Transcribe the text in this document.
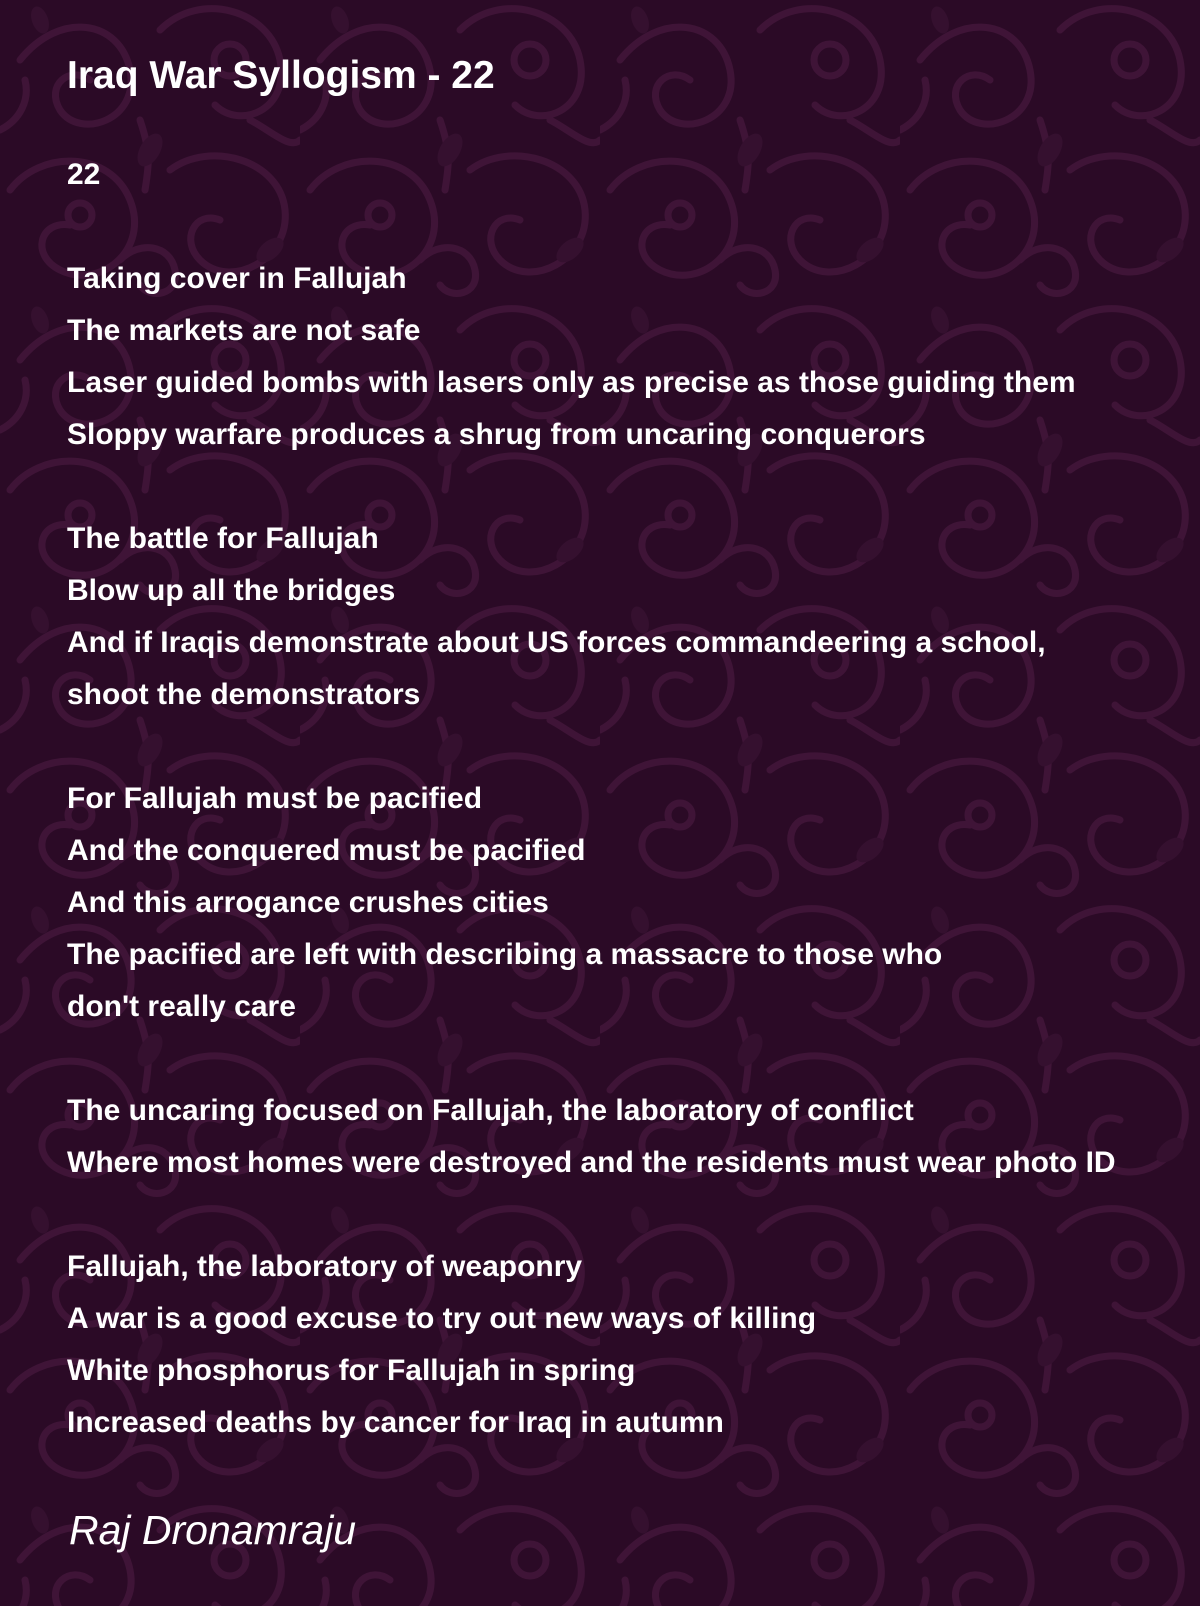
Iraq War Syllogism - 22
22
Taking cover in Fallujah
The markets are not safe
Laser guided bombs with lasers only as precise as those guiding them
Sloppy warfare produces a shrug from uncaring conquerors
The battle for Fallujah
Blow up all the bridges
And if Iraqis demonstrate about US forces commandeering a school,
shoot the demonstrators
For Fallujah must be pacified
And the conquered must be pacified
And this arrogance crushes cities
The pacified are left with describing a massacre to those who
don't really care
The uncaring focused on Fallujah, the laboratory of conflict
Where most homes were destroyed and the residents must wear photo ID
Fallujah, the laboratory of weaponry
A war is a good excuse to try out new ways of killing
White phosphorus for Fallujah in spring
Increased deaths by cancer for Iraq in autumn
Raj Dronamraju
